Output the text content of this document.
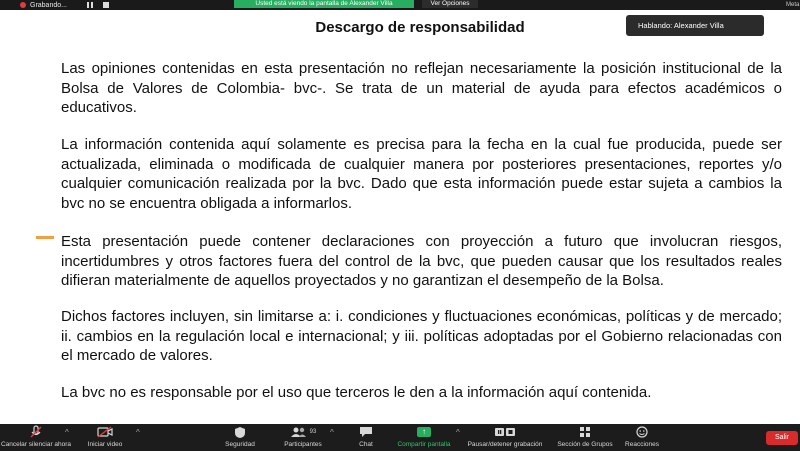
Grabando...	Usted está viendo la pantalla de Alexander Villa	Ver Opciones	Meta
Descargo de responsabilidad	Hablando: Alexander Villa

Las opiniones contenidas en esta presentación no reflejan necesariamente la posición institucional de la Bolsa de Valores de Colombia- bvc-. Se trata de un material de ayuda para efectos académicos o educativos.

La información contenida aquí solamente es precisa para la fecha en la cual fue producida, puede ser actualizada, eliminada o modificada de cualquier manera por posteriores presentaciones, reportes y/o cualquier comunicación realizada por la bvc. Dado que esta información puede estar sujeta a cambios la bvc no se encuentra obligada a informarlos.

Esta presentación puede contener declaraciones con proyección a futuro que involucran riesgos, incertidumbres y otros factores fuera del control de la bvc, que pueden causar que los resultados reales difieran materialmente de aquellos proyectados y no garantizan el desempeño de la Bolsa.

Dichos factores incluyen, sin limitarse a: i. condiciones y fluctuaciones económicas, políticas y de mercado; ii. cambios en la regulación local e internacional; y iii. políticas adoptadas por el Gobierno relacionadas con el mercado de valores.

La bvc no es responsable por el uso que terceros le den a la información aquí contenida.

Cancelar silenciar ahora
^
Iniciar video
^
Seguridad
93
Participantes
^
Chat
↑
Compartir pantalla
^
Pausar/detener grabación Sección de Grupos Reacciones
Salir
